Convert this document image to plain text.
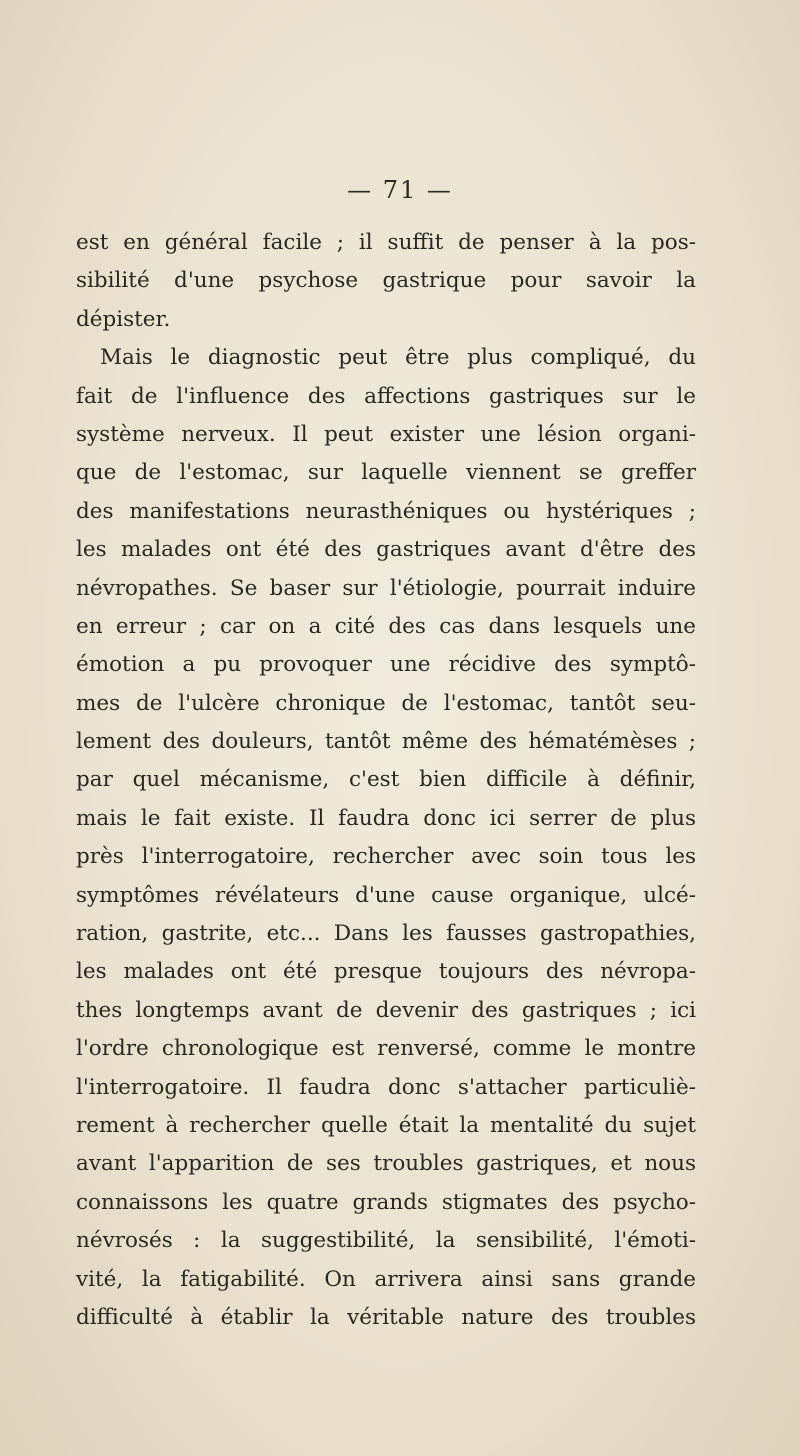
— 71 —
est en général facile ; il suffit de penser à la pos-
sibilité d'une psychose gastrique pour savoir la
dépister.
Mais le diagnostic peut être plus compliqué, du
fait de l'influence des affections gastriques sur le
système nerveux. Il peut exister une lésion organi-
que de l'estomac, sur laquelle viennent se greffer
des manifestations neurasthéniques ou hystériques ;
les malades ont été des gastriques avant d'être des
névropathes. Se baser sur l'étiologie, pourrait induire
en erreur ; car on a cité des cas dans lesquels une
émotion a pu provoquer une récidive des symptô-
mes de l'ulcère chronique de l'estomac, tantôt seu-
lement des douleurs, tantôt même des hématémèses ;
par quel mécanisme, c'est bien difficile à définir,
mais le fait existe. Il faudra donc ici serrer de plus
près l'interrogatoire, rechercher avec soin tous les
symptômes révélateurs d'une cause organique, ulcé-
ration, gastrite, etc... Dans les fausses gastropathies,
les malades ont été presque toujours des névropa-
thes longtemps avant de devenir des gastriques ; ici
l'ordre chronologique est renversé, comme le montre
l'interrogatoire. Il faudra donc s'attacher particuliè-
rement à rechercher quelle était la mentalité du sujet
avant l'apparition de ses troubles gastriques, et nous
connaissons les quatre grands stigmates des psycho-
névrosés : la suggestibilité, la sensibilité, l'émoti-
vité, la fatigabilité. On arrivera ainsi sans grande
difficulté à établir la véritable nature des troubles
